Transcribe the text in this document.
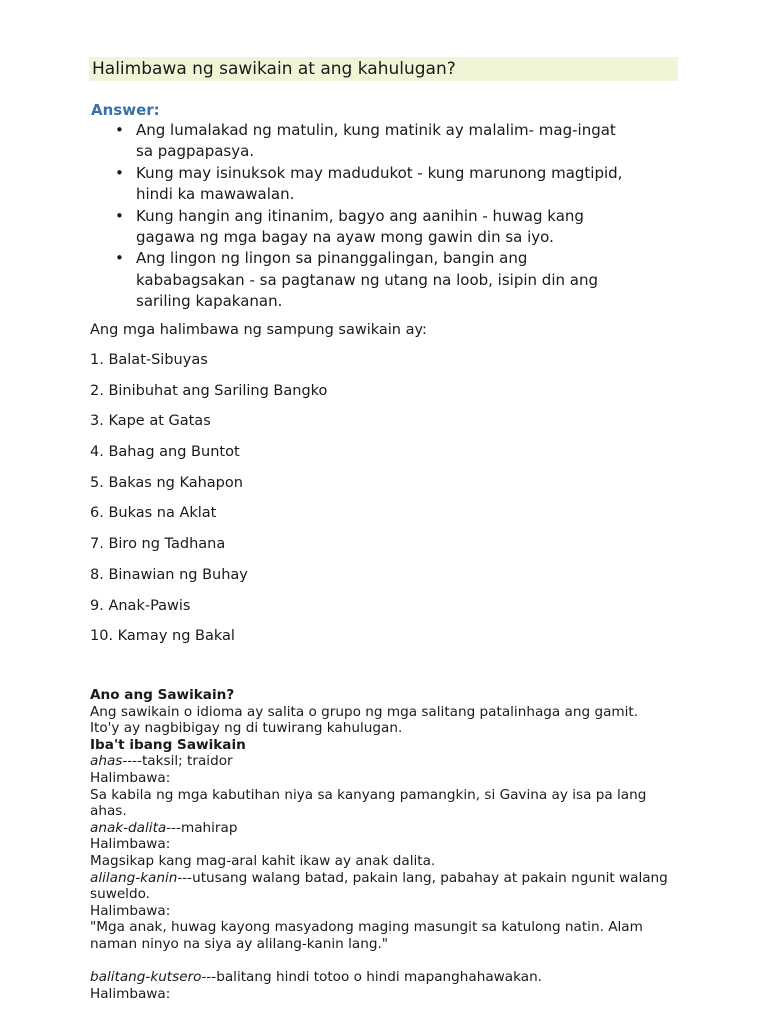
Halimbawa ng sawikain at ang kahulugan?
Answer:
• Ang lumalakad ng matulin, kung matinik ay malalim- mag-ingat
sa pagpapasya.
• Kung may isinuksok may madudukot - kung marunong magtipid,
hindi ka mawawalan.
• Kung hangin ang itinanim, bagyo ang aanihin - huwag kang
gagawa ng mga bagay na ayaw mong gawin din sa iyo.
• Ang lingon ng lingon sa pinanggalingan, bangin ang
kababagsakan - sa pagtanaw ng utang na loob, isipin din ang
sariling kapakanan.
Ang mga halimbawa ng sampung sawikain ay:
1. Balat-Sibuyas
2. Binibuhat ang Sariling Bangko
3. Kape at Gatas
4. Bahag ang Buntot
5. Bakas ng Kahapon
6. Bukas na Aklat
7. Biro ng Tadhana
8. Binawian ng Buhay
9. Anak-Pawis
10. Kamay ng Bakal
Ano ang Sawikain?
Ang sawikain o idioma ay salita o grupo ng mga salitang patalinhaga ang gamit.
Ito'y ay nagbibigay ng di tuwirang kahulugan.
Iba't ibang Sawikain
ahas----taksil; traidor
Halimbawa:
Sa kabila ng mga kabutihan niya sa kanyang pamangkin, si Gavina ay isa pa lang
ahas.
anak-dalita---mahirap
Halimbawa:
Magsikap kang mag-aral kahit ikaw ay anak dalita.
alilang-kanin---utusang walang batad, pakain lang, pabahay at pakain ngunit walang
suweldo.
Halimbawa:
"Mga anak, huwag kayong masyadong maging masungit sa katulong natin. Alam
naman ninyo na siya ay alilang-kanin lang."
balitang-kutsero---balitang hindi totoo o hindi mapanghahawakan.
Halimbawa:
